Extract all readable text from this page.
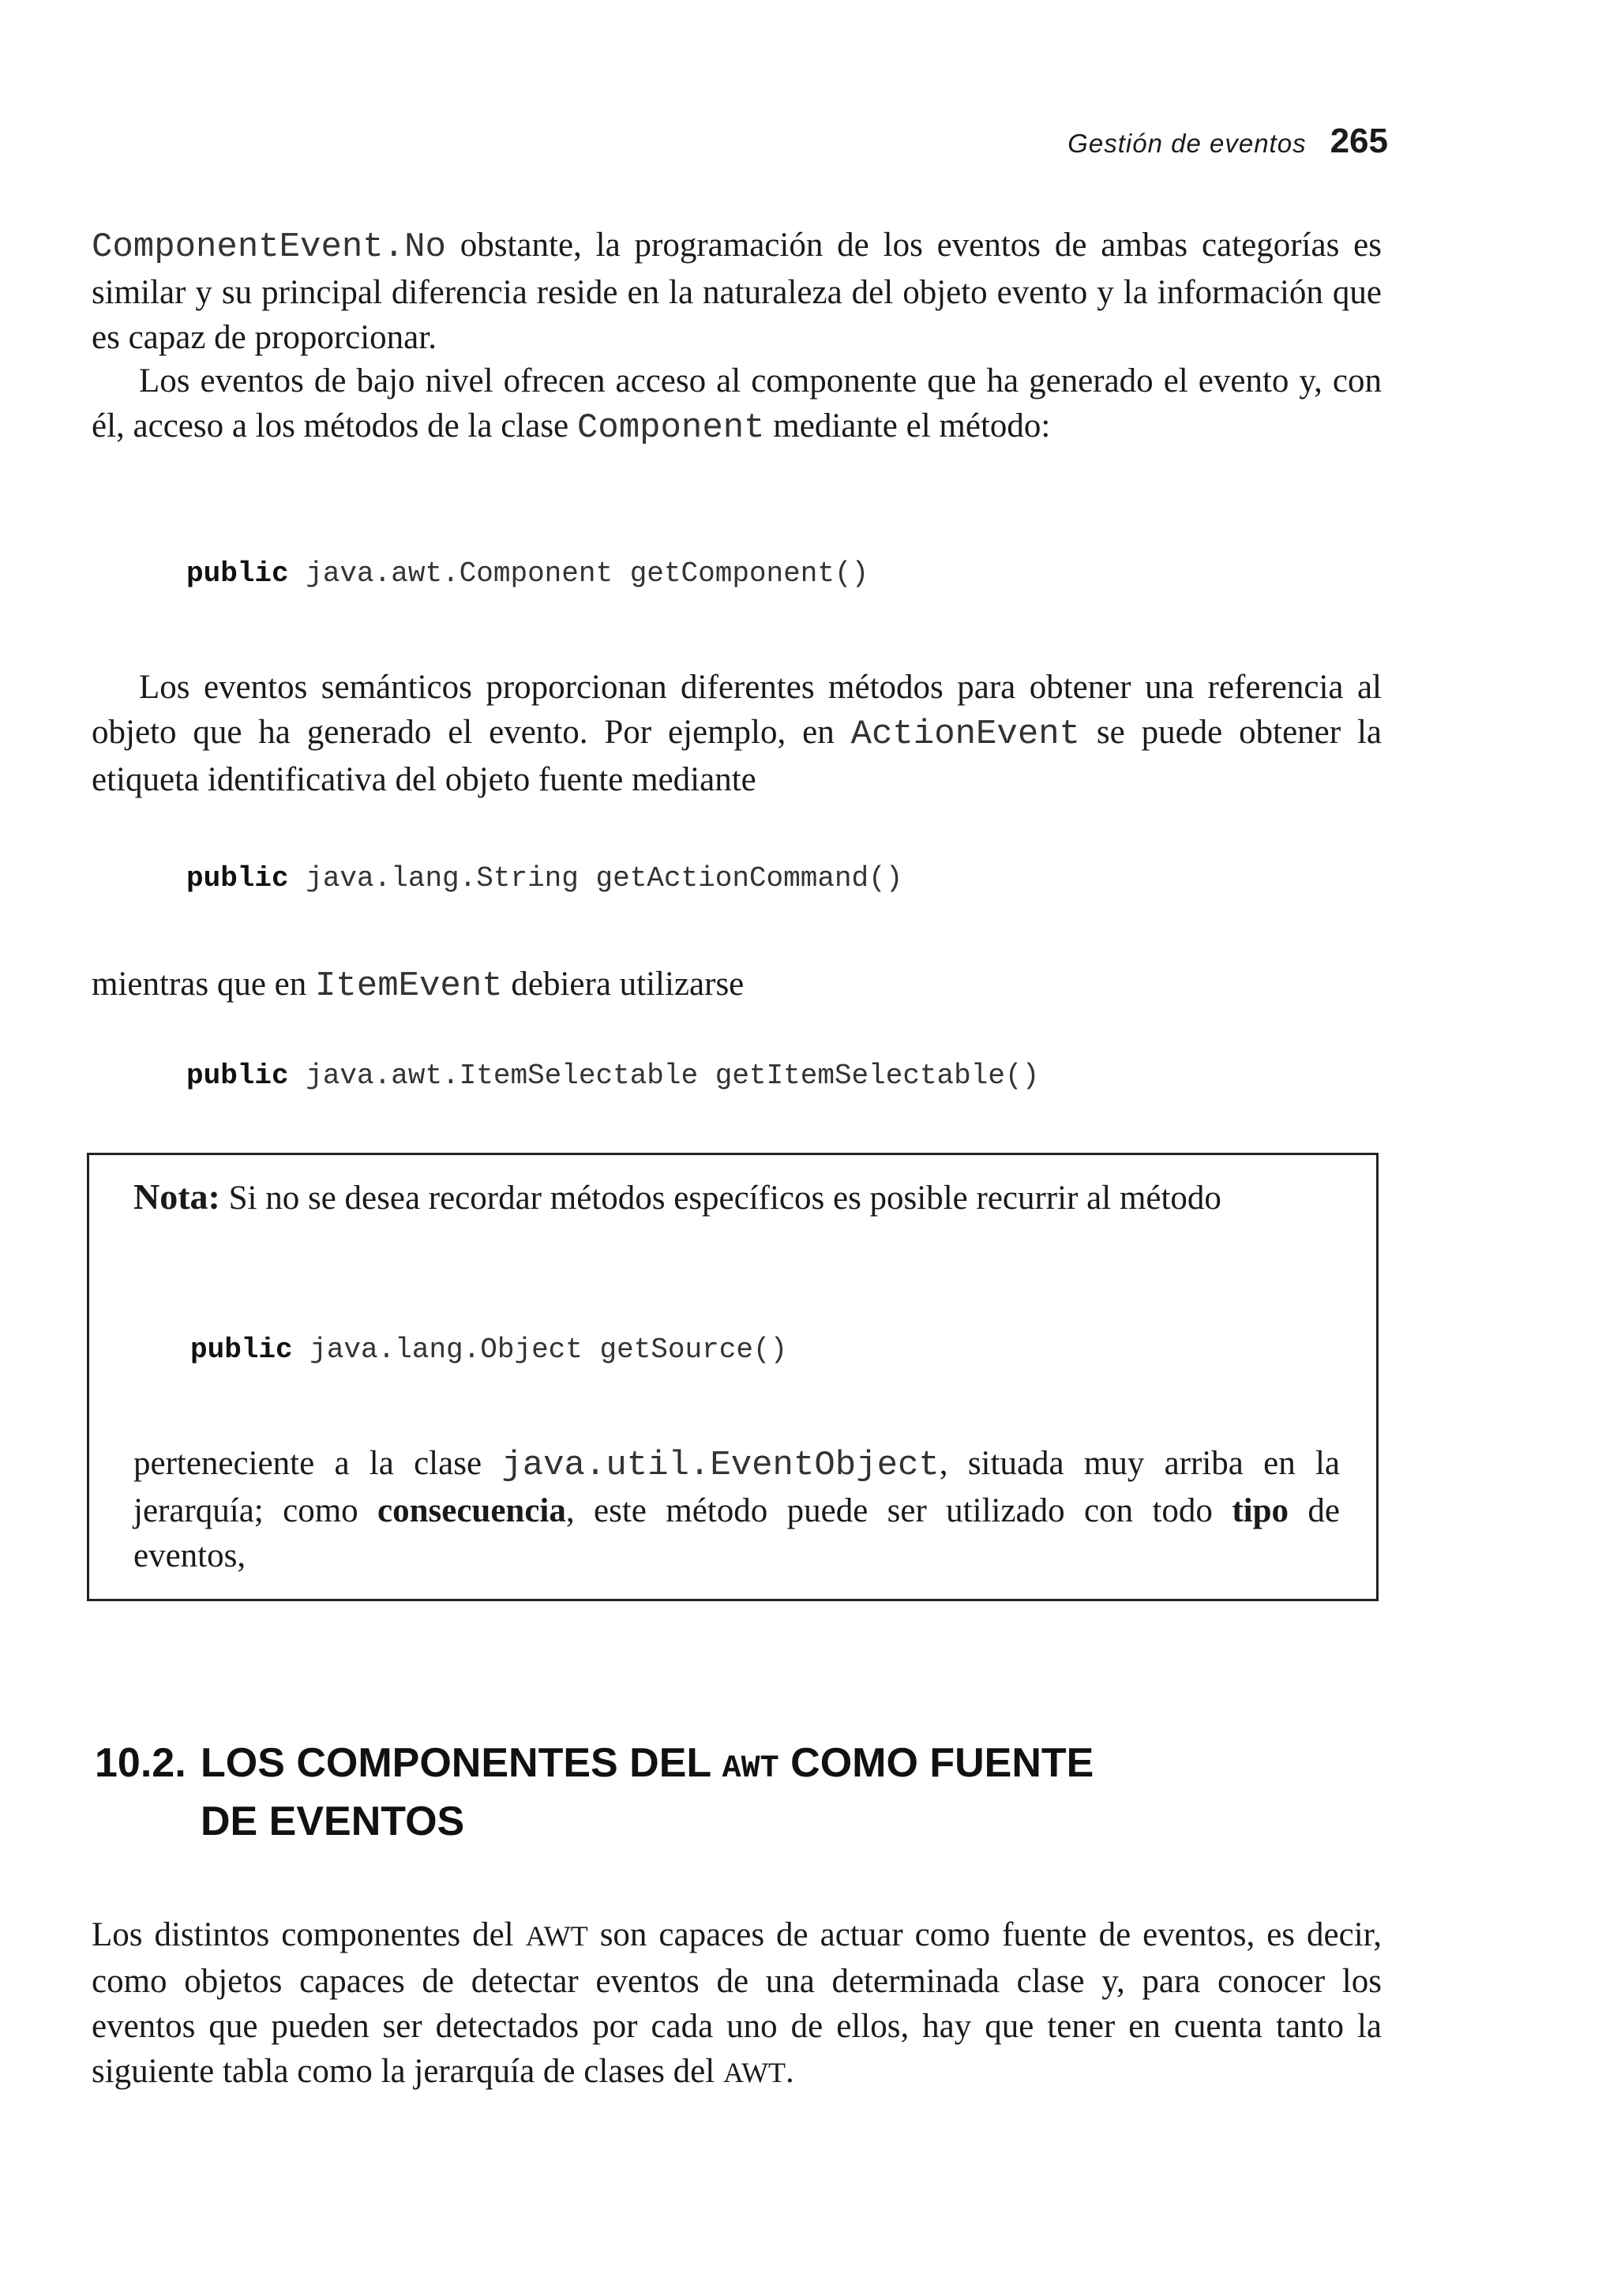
Gestión de eventos 265

ComponentEvent.No obstante, la programación de los eventos de ambas categorías es similar y su principal diferencia reside en la naturaleza del objeto evento y la información que es capaz de proporcionar.

Los eventos de bajo nivel ofrecen acceso al componente que ha generado el evento y, con él, acceso a los métodos de la clase Component mediante el método:

public java.awt.Component getComponent()

Los eventos semánticos proporcionan diferentes métodos para obtener una referencia al objeto que ha generado el evento. Por ejemplo, en ActionEvent se puede obtener la etiqueta identificativa del objeto fuente mediante

public java.lang.String getActionCommand()

mientras que en ItemEvent debiera utilizarse

public java.awt.ItemSelectable getItemSelectable()

Nota: Si no se desea recordar métodos específicos es posible recurrir al método

public java.lang.Object getSource()

perteneciente a la clase java.util.EventObject, situada muy arriba en la jerarquía; como consecuencia, este método puede ser utilizado con todo tipo de eventos,

10.2. LOS COMPONENTES DEL AWT COMO FUENTE
DE EVENTOS

Los distintos componentes del AWT son capaces de actuar como fuente de eventos, es decir, como objetos capaces de detectar eventos de una determinada clase y, para conocer los eventos que pueden ser detectados por cada uno de ellos, hay que tener en cuenta tanto la siguiente tabla como la jerarquía de clases del AWT.
